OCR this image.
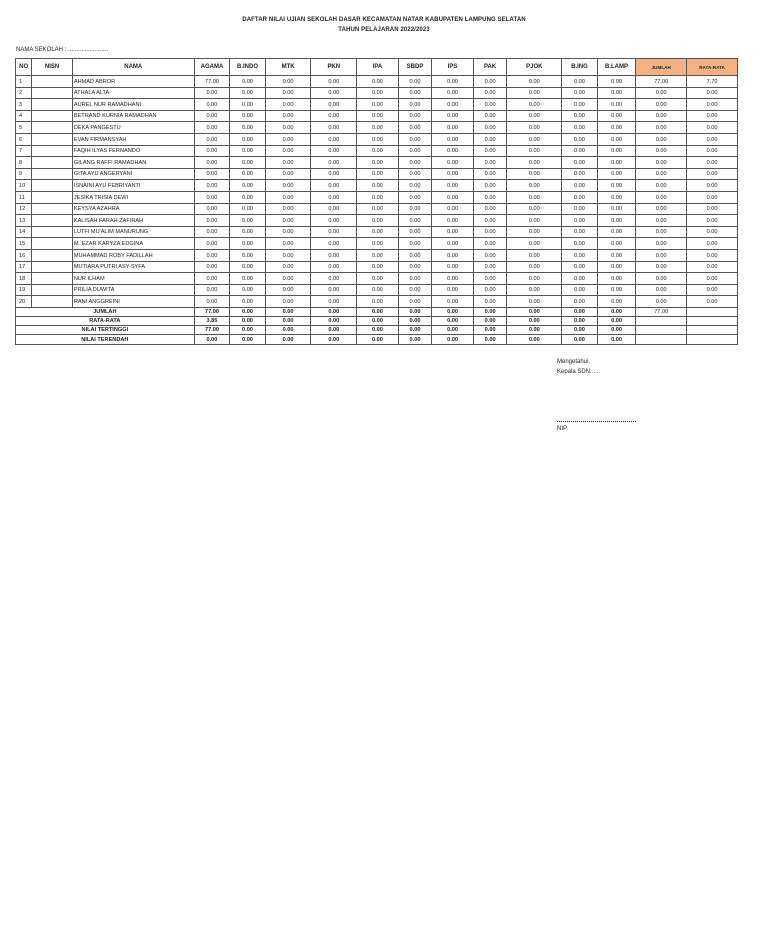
DAFTAR NILAI UJIAN SEKOLAH DASAR KECAMATAN NATAR KABUPATEN LAMPUNG SELATAN
TAHUN PELAJARAN 2022/2023
NAMA SEKOLAH : ........................
NO	NISN	NAMA	AGAMA	B.INDO	MTK	PKN	IPA	SBDP	IPS	PAK	PJOK	B.ING	B.LAMP	JUMLAH	RATA-RATA
1		AHMAD ABROR	77.00	0.00	0.00	0.00	0.00	0.00	0.00	0.00	0.00	0.00	0.00	77.00	7.70
2		ATHALA ALTA	0.00	0.00	0.00	0.00	0.00	0.00	0.00	0.00	0.00	0.00	0.00	0.00	0.00
3		AUREL NUR RAMADHANI	0.00	0.00	0.00	0.00	0.00	0.00	0.00	0.00	0.00	0.00	0.00	0.00	0.00
4		BETRAND KURNIA RAMADHAN	0.00	0.00	0.00	0.00	0.00	0.00	0.00	0.00	0.00	0.00	0.00	0.00	0.00
5		DEKA PANGESTU	0.00	0.00	0.00	0.00	0.00	0.00	0.00	0.00	0.00	0.00	0.00	0.00	0.00
6		EVAN FIRMANSYAH	0.00	0.00	0.00	0.00	0.00	0.00	0.00	0.00	0.00	0.00	0.00	0.00	0.00
7		FAQIH ILYAS FERNANDO	0.00	0.00	0.00	0.00	0.00	0.00	0.00	0.00	0.00	0.00	0.00	0.00	0.00
8		GILANG RAFFI RAMADHAN	0.00	0.00	0.00	0.00	0.00	0.00	0.00	0.00	0.00	0.00	0.00	0.00	0.00
9		GITA AYU ANGERYANI	0.00	0.00	0.00	0.00	0.00	0.00	0.00	0.00	0.00	0.00	0.00	0.00	0.00
10		ISNAINI AYU FEBRIYANTI	0.00	0.00	0.00	0.00	0.00	0.00	0.00	0.00	0.00	0.00	0.00	0.00	0.00
11		JESIKA TRISIA DEWI	0.00	0.00	0.00	0.00	0.00	0.00	0.00	0.00	0.00	0.00	0.00	0.00	0.00
12		KEYSYA AZAHRA	0.00	0.00	0.00	0.00	0.00	0.00	0.00	0.00	0.00	0.00	0.00	0.00	0.00
13		KALISAH FARAH ZAFIRAH	0.00	0.00	0.00	0.00	0.00	0.00	0.00	0.00	0.00	0.00	0.00	0.00	0.00
14		LUTFI MU'ALIM MANURUNG	0.00	0.00	0.00	0.00	0.00	0.00	0.00	0.00	0.00	0.00	0.00	0.00	0.00
15		M. EZAR KARYZA EDGINA	0.00	0.00	0.00	0.00	0.00	0.00	0.00	0.00	0.00	0.00	0.00	0.00	0.00
16		MUHAMMAD ROBY FADILLAH	0.00	0.00	0.00	0.00	0.00	0.00	0.00	0.00	0.00	0.00	0.00	0.00	0.00
17		MUTIARA PUTRI ASY-SYFA	0.00	0.00	0.00	0.00	0.00	0.00	0.00	0.00	0.00	0.00	0.00	0.00	0.00
18		NUR ILHAM	0.00	0.00	0.00	0.00	0.00	0.00	0.00	0.00	0.00	0.00	0.00	0.00	0.00
19		PRILIA DUWITA	0.00	0.00	0.00	0.00	0.00	0.00	0.00	0.00	0.00	0.00	0.00	0.00	0.00
20		RANI ANGGREINI	0.00	0.00	0.00	0.00	0.00	0.00	0.00	0.00	0.00	0.00	0.00	0.00	0.00
JUMLAH			77.00	0.00	0.00	0.00	0.00	0.00	0.00	0.00	0.00	0.00	0.00	77.00	
RATA-RATA			3.85	0.00	0.00	0.00	0.00	0.00	0.00	0.00	0.00	0.00	0.00		
NILAI TERTINGGI			77.00	0.00	0.00	0.00	0.00	0.00	0.00	0.00	0.00	0.00	0.00		
NILAI TERENDAH			0.00	0.00	0.00	0.00	0.00	0.00	0.00	0.00	0.00	0.00	0.00		
Mengetahui,
Kepala SDN......
NIP.
